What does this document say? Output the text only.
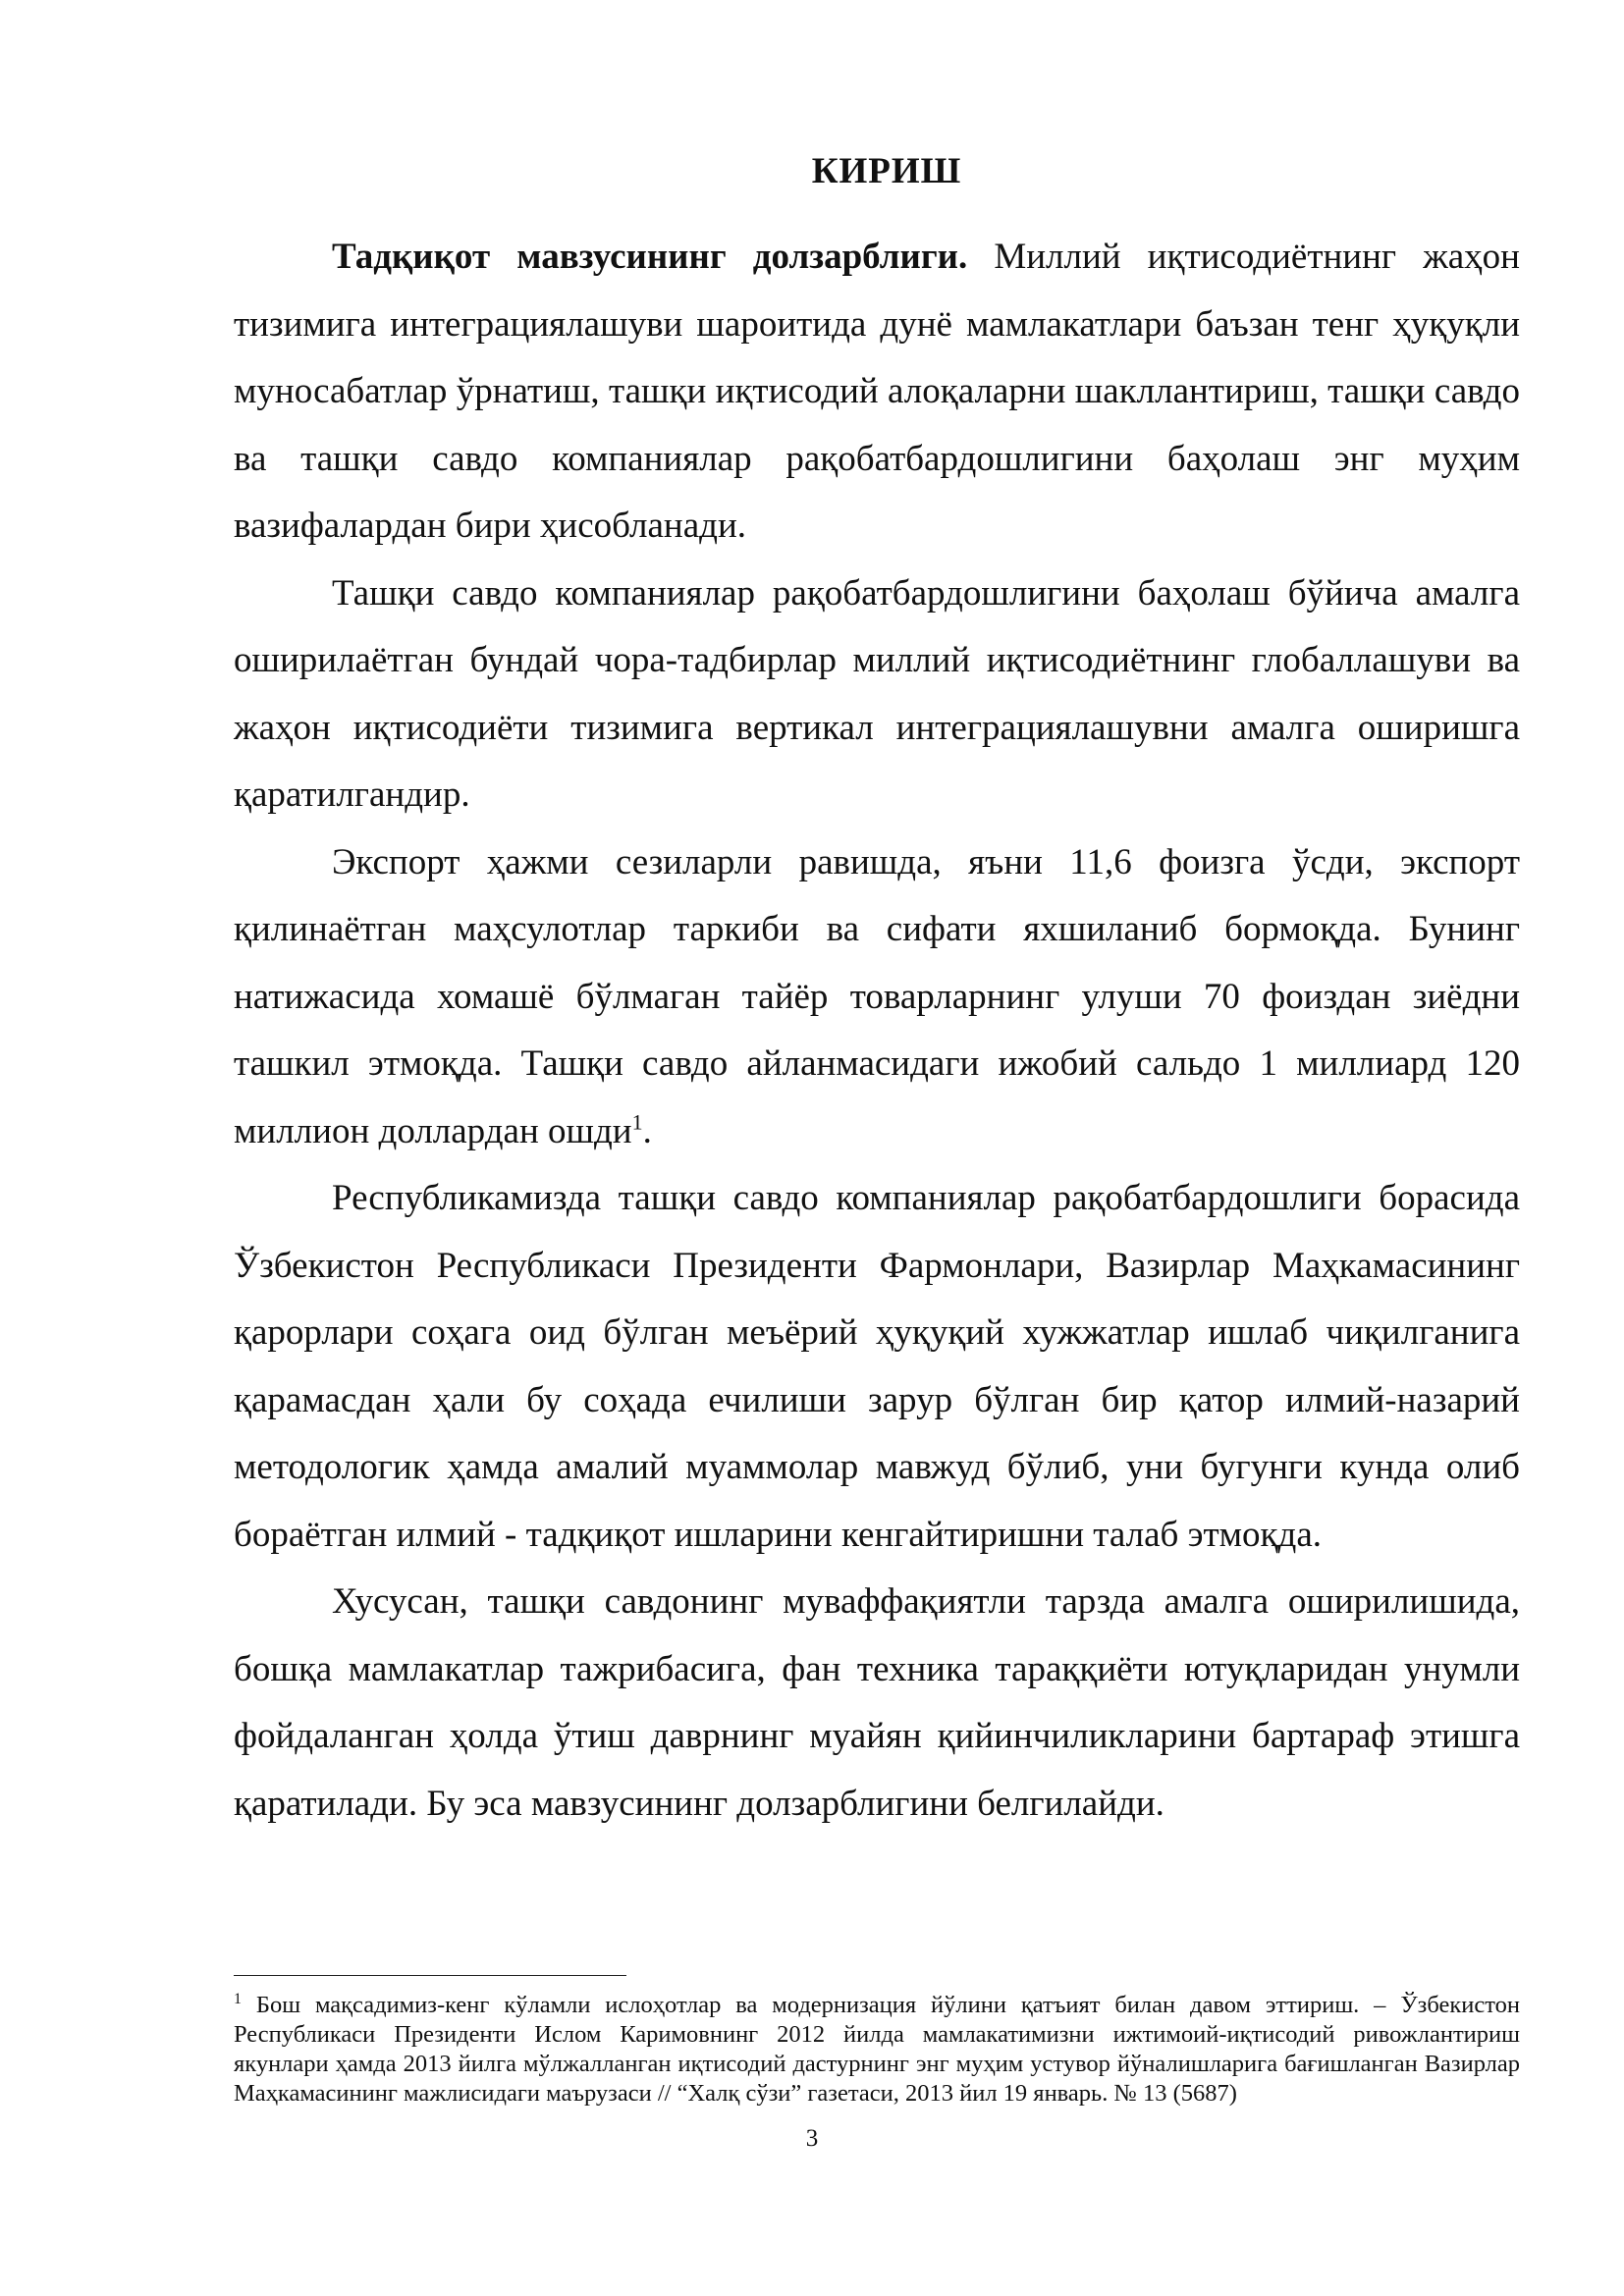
КИРИШ

Тадқиқот мавзусининг долзарблиги. Миллий иқтисодиётнинг жаҳон тизимига интеграциялашуви шароитида дунё мамлакатлари баъзан тенг ҳуқуқли муносабатлар ўрнатиш, ташқи иқтисодий алоқаларни шакллантириш, ташқи савдо ва ташқи савдо компаниялар рақобатбардошлигини баҳолаш энг муҳим вазифалардан бири ҳисобланади.

Ташқи савдо компаниялар рақобатбардошлигини баҳолаш бўйича амалга оширилаётган бундай чора-тадбирлар миллий иқтисодиётнинг глобаллашуви ва жаҳон иқтисодиёти тизимига вертикал интеграциялашувни амалга оширишга қаратилгандир.

Экспорт ҳажми сезиларли равишда, яъни 11,6 фоизга ўсди, экспорт қилинаётган маҳсулотлар таркиби ва сифати яхшиланиб бормоқда. Бунинг натижасида хомашё бўлмаган тайёр товарларнинг улуши 70 фоиздан зиёдни ташкил этмоқда. Ташқи савдо айланмасидаги ижобий сальдо 1 миллиард 120 миллион доллардан ошди$^1$.

Республикамизда ташқи савдо компаниялар рақобатбардошлиги борасида Ўзбекистон Республикаси Президенти Фармонлари, Вазирлар Маҳкамасининг қарорлари соҳага оид бўлган меъёрий ҳуқуқий хужжатлар ишлаб чиқилганига қарамасдан ҳали бу соҳада ечилиши зарур бўлган бир қатор илмий-назарий методологик ҳамда амалий муаммолар мавжуд бўлиб, уни бугунги кунда олиб бораётган илмий - тадқиқот ишларини кенгайтиришни талаб этмоқда.

Хусусан, ташқи савдонинг муваффақиятли тарзда амалга оширилишида, бошқа мамлакатлар тажрибасига, фан техника тараққиёти ютуқларидан унумли фойдаланган ҳолда ўтиш даврнинг муайян қийинчиликларини бартараф этишга қаратилади. Бу эса мавзусининг долзарблигини белгилайди.

$^1$ Бош мақсадимиз-кенг кўламли ислоҳотлар ва модернизация йўлини қатъият билан давом эттириш. – Ўзбекистон Республикаси Президенти Ислом Каримовнинг 2012 йилда мамлакатимизни ижтимоий-иқтисодий ривожлантириш якунлари ҳамда 2013 йилга мўлжалланган иқтисодий дастурнинг энг муҳим устувор йўналишларига бағишланган Вазирлар Маҳкамасининг мажлисидаги маърузаси // “Халқ сўзи” газетаси, 2013 йил 19 январь. № 13 (5687)

3
